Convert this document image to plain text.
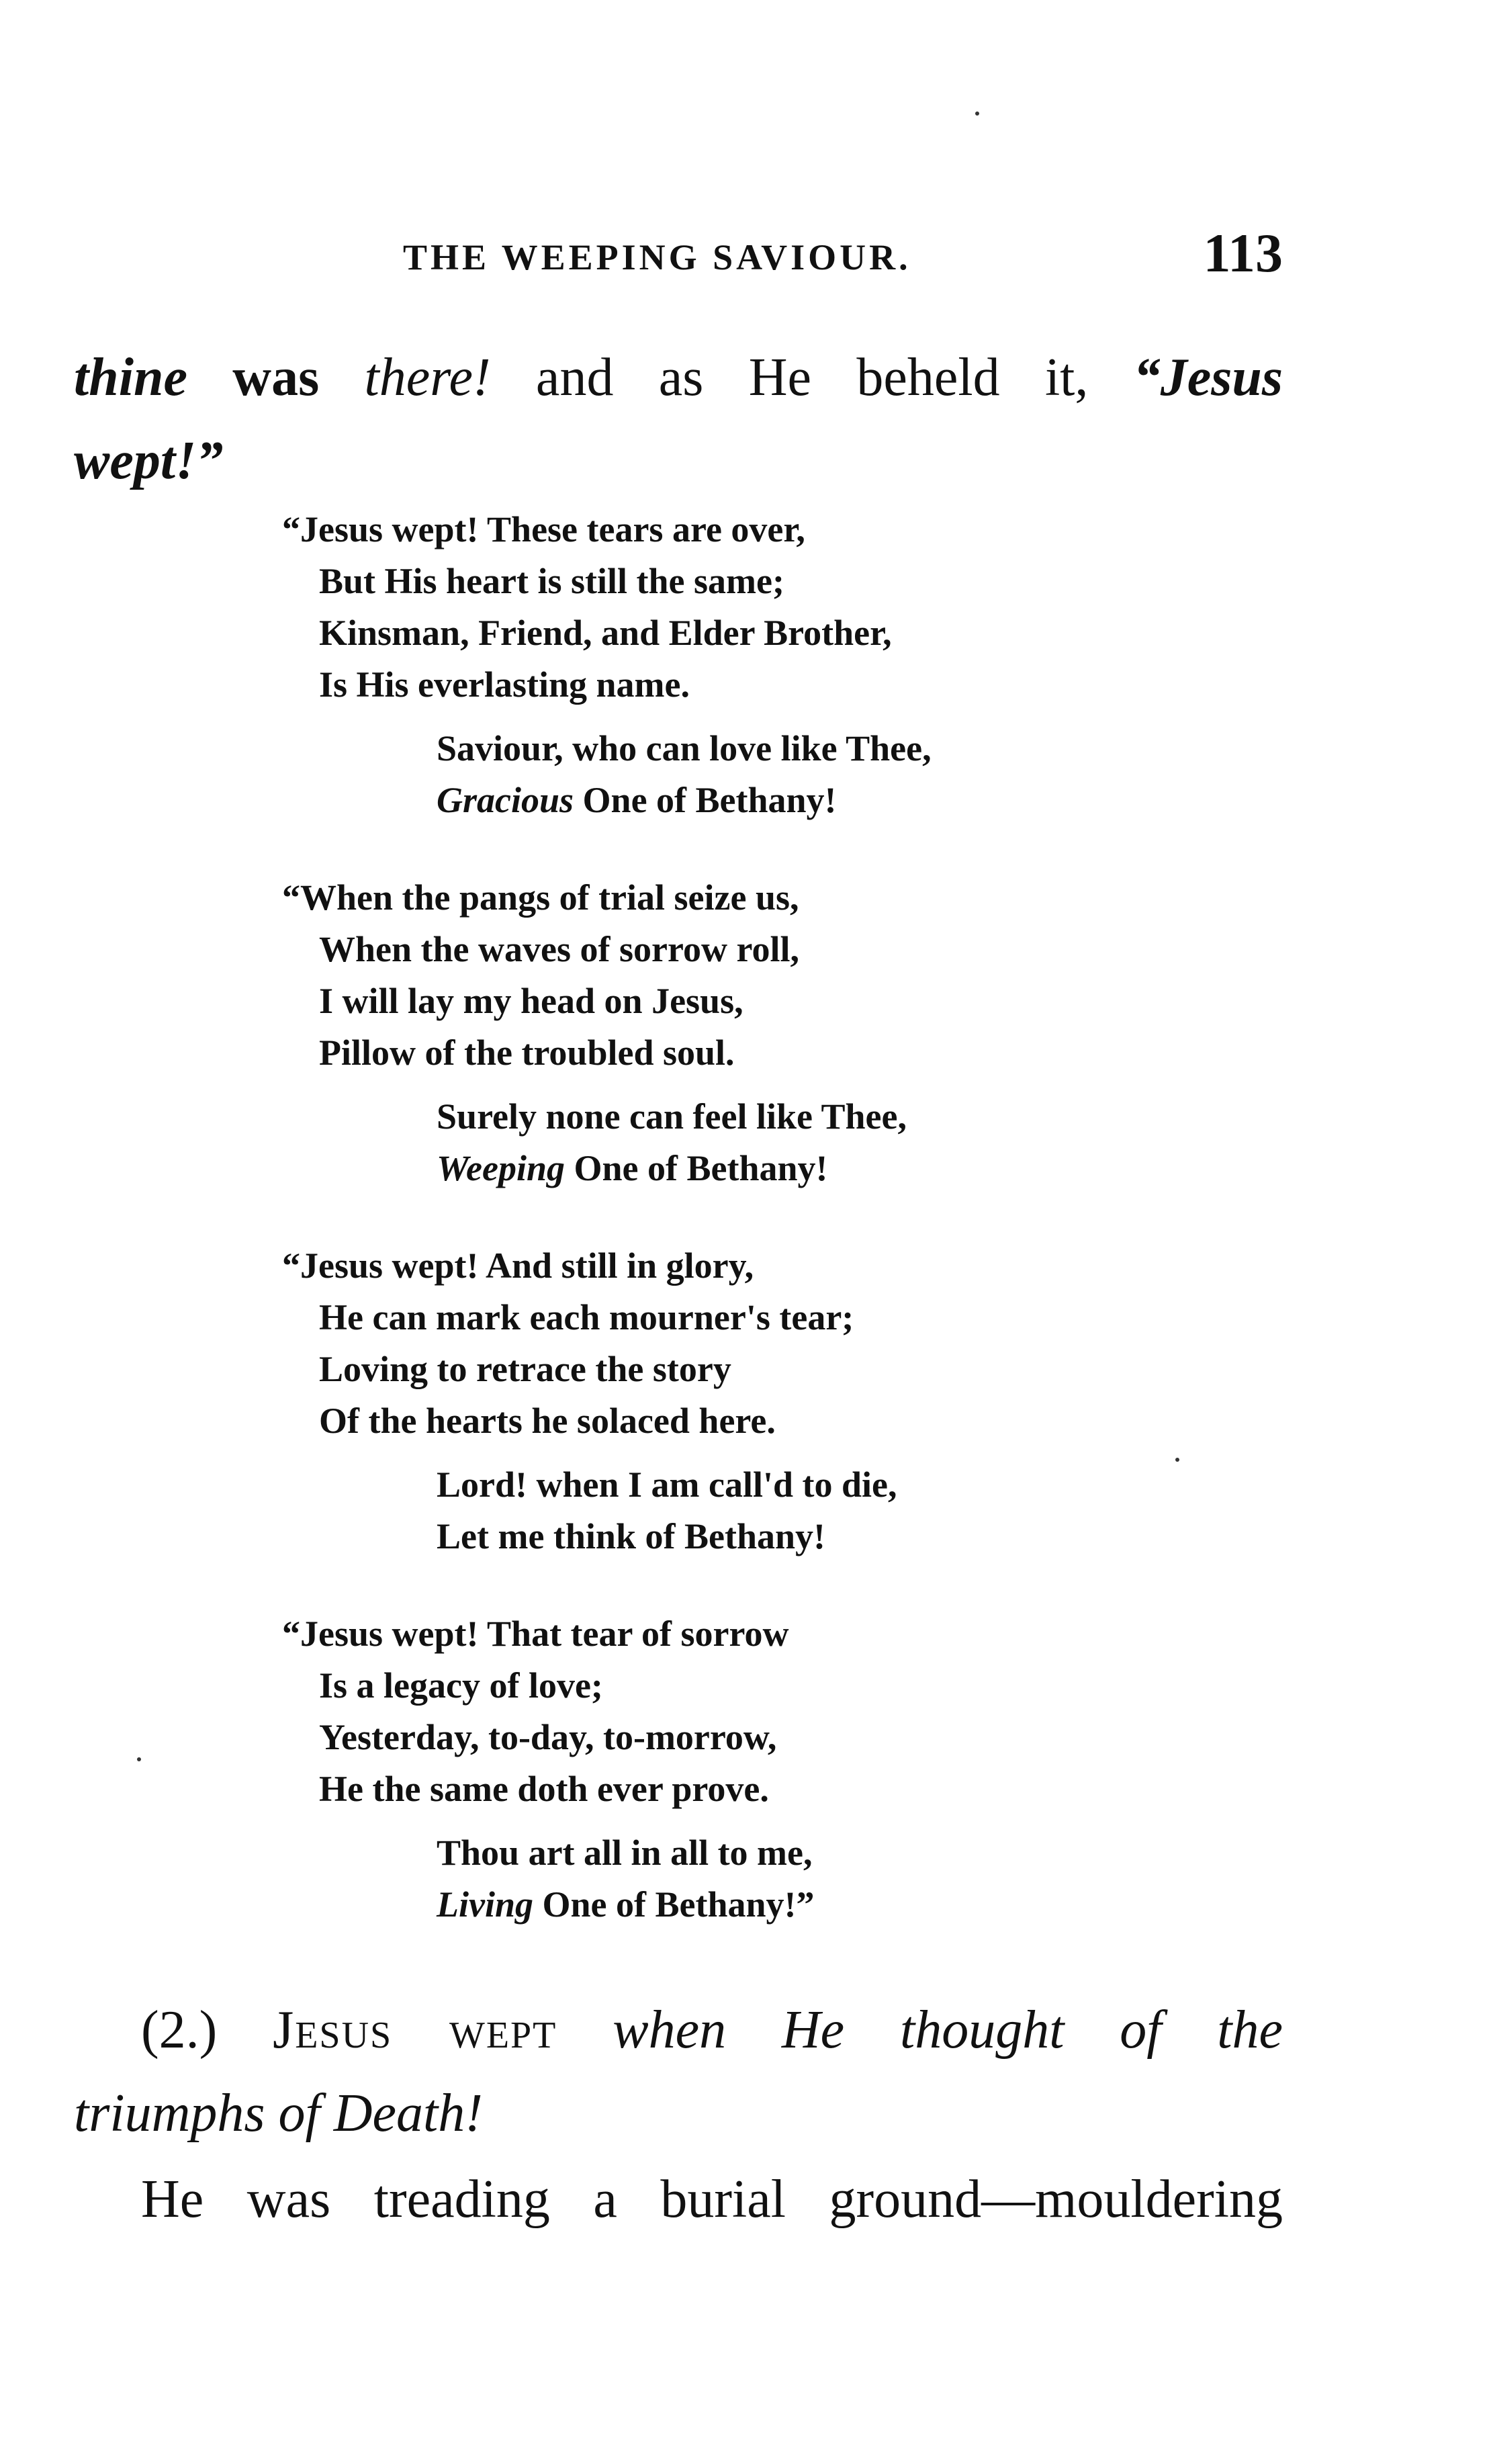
THE WEEPING SAVIOUR.	113
thine was there! and as He beheld it, “Jesus
wept!”
“Jesus wept! These tears are over,
But His heart is still the same;
Kinsman, Friend, and Elder Brother,
Is His everlasting name.
Saviour, who can love like Thee,
Gracious One of Bethany!
“When the pangs of trial seize us,
When the waves of sorrow roll,
I will lay my head on Jesus,
Pillow of the troubled soul.
Surely none can feel like Thee,
Weeping One of Bethany!
“Jesus wept! And still in glory,
He can mark each mourner's tear;
Loving to retrace the story
Of the hearts he solaced here.
Lord! when I am call'd to die,
Let me think of Bethany!
“Jesus wept! That tear of sorrow
Is a legacy of love;
Yesterday, to-day, to-morrow,
He the same doth ever prove.
Thou art all in all to me,
Living One of Bethany!”
(2.) Jesus wept when He thought of the
triumphs of Death!
He was treading a burial ground—mouldering
